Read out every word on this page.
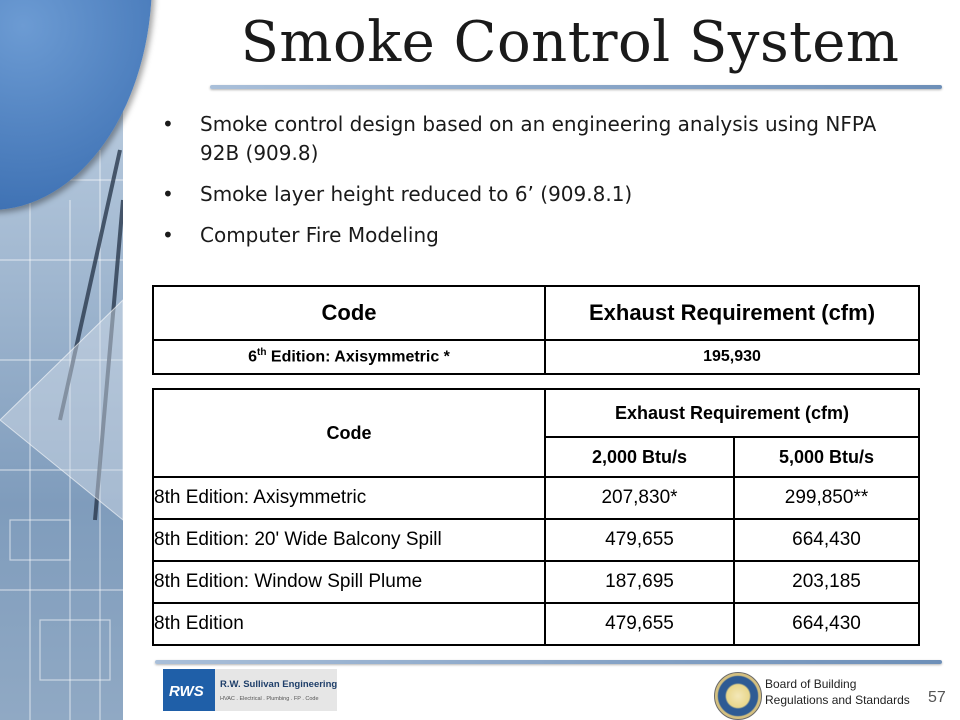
Smoke Control System
• Smoke control design based on an engineering analysis using NFPA 92B (909.8)
• Smoke layer height reduced to 6’ (909.8.1)
• Computer Fire Modeling
Code	Exhaust Requirement (cfm)
6th Edition: Axisymmetric *	195,930
Code	Exhaust Requirement (cfm)	
	2,000 Btu/s	5,000 Btu/s
8th Edition: Axisymmetric	207,830*	299,850**
8th Edition: 20' Wide Balcony Spill	479,655	664,430
8th Edition: Window Spill Plume	187,695	203,185
8th Edition	479,655	664,430
RWS R.W. Sullivan Engineering
HVAC . Electrical . Plumbing . FP . Code
Board of Building
Regulations and Standards	57
